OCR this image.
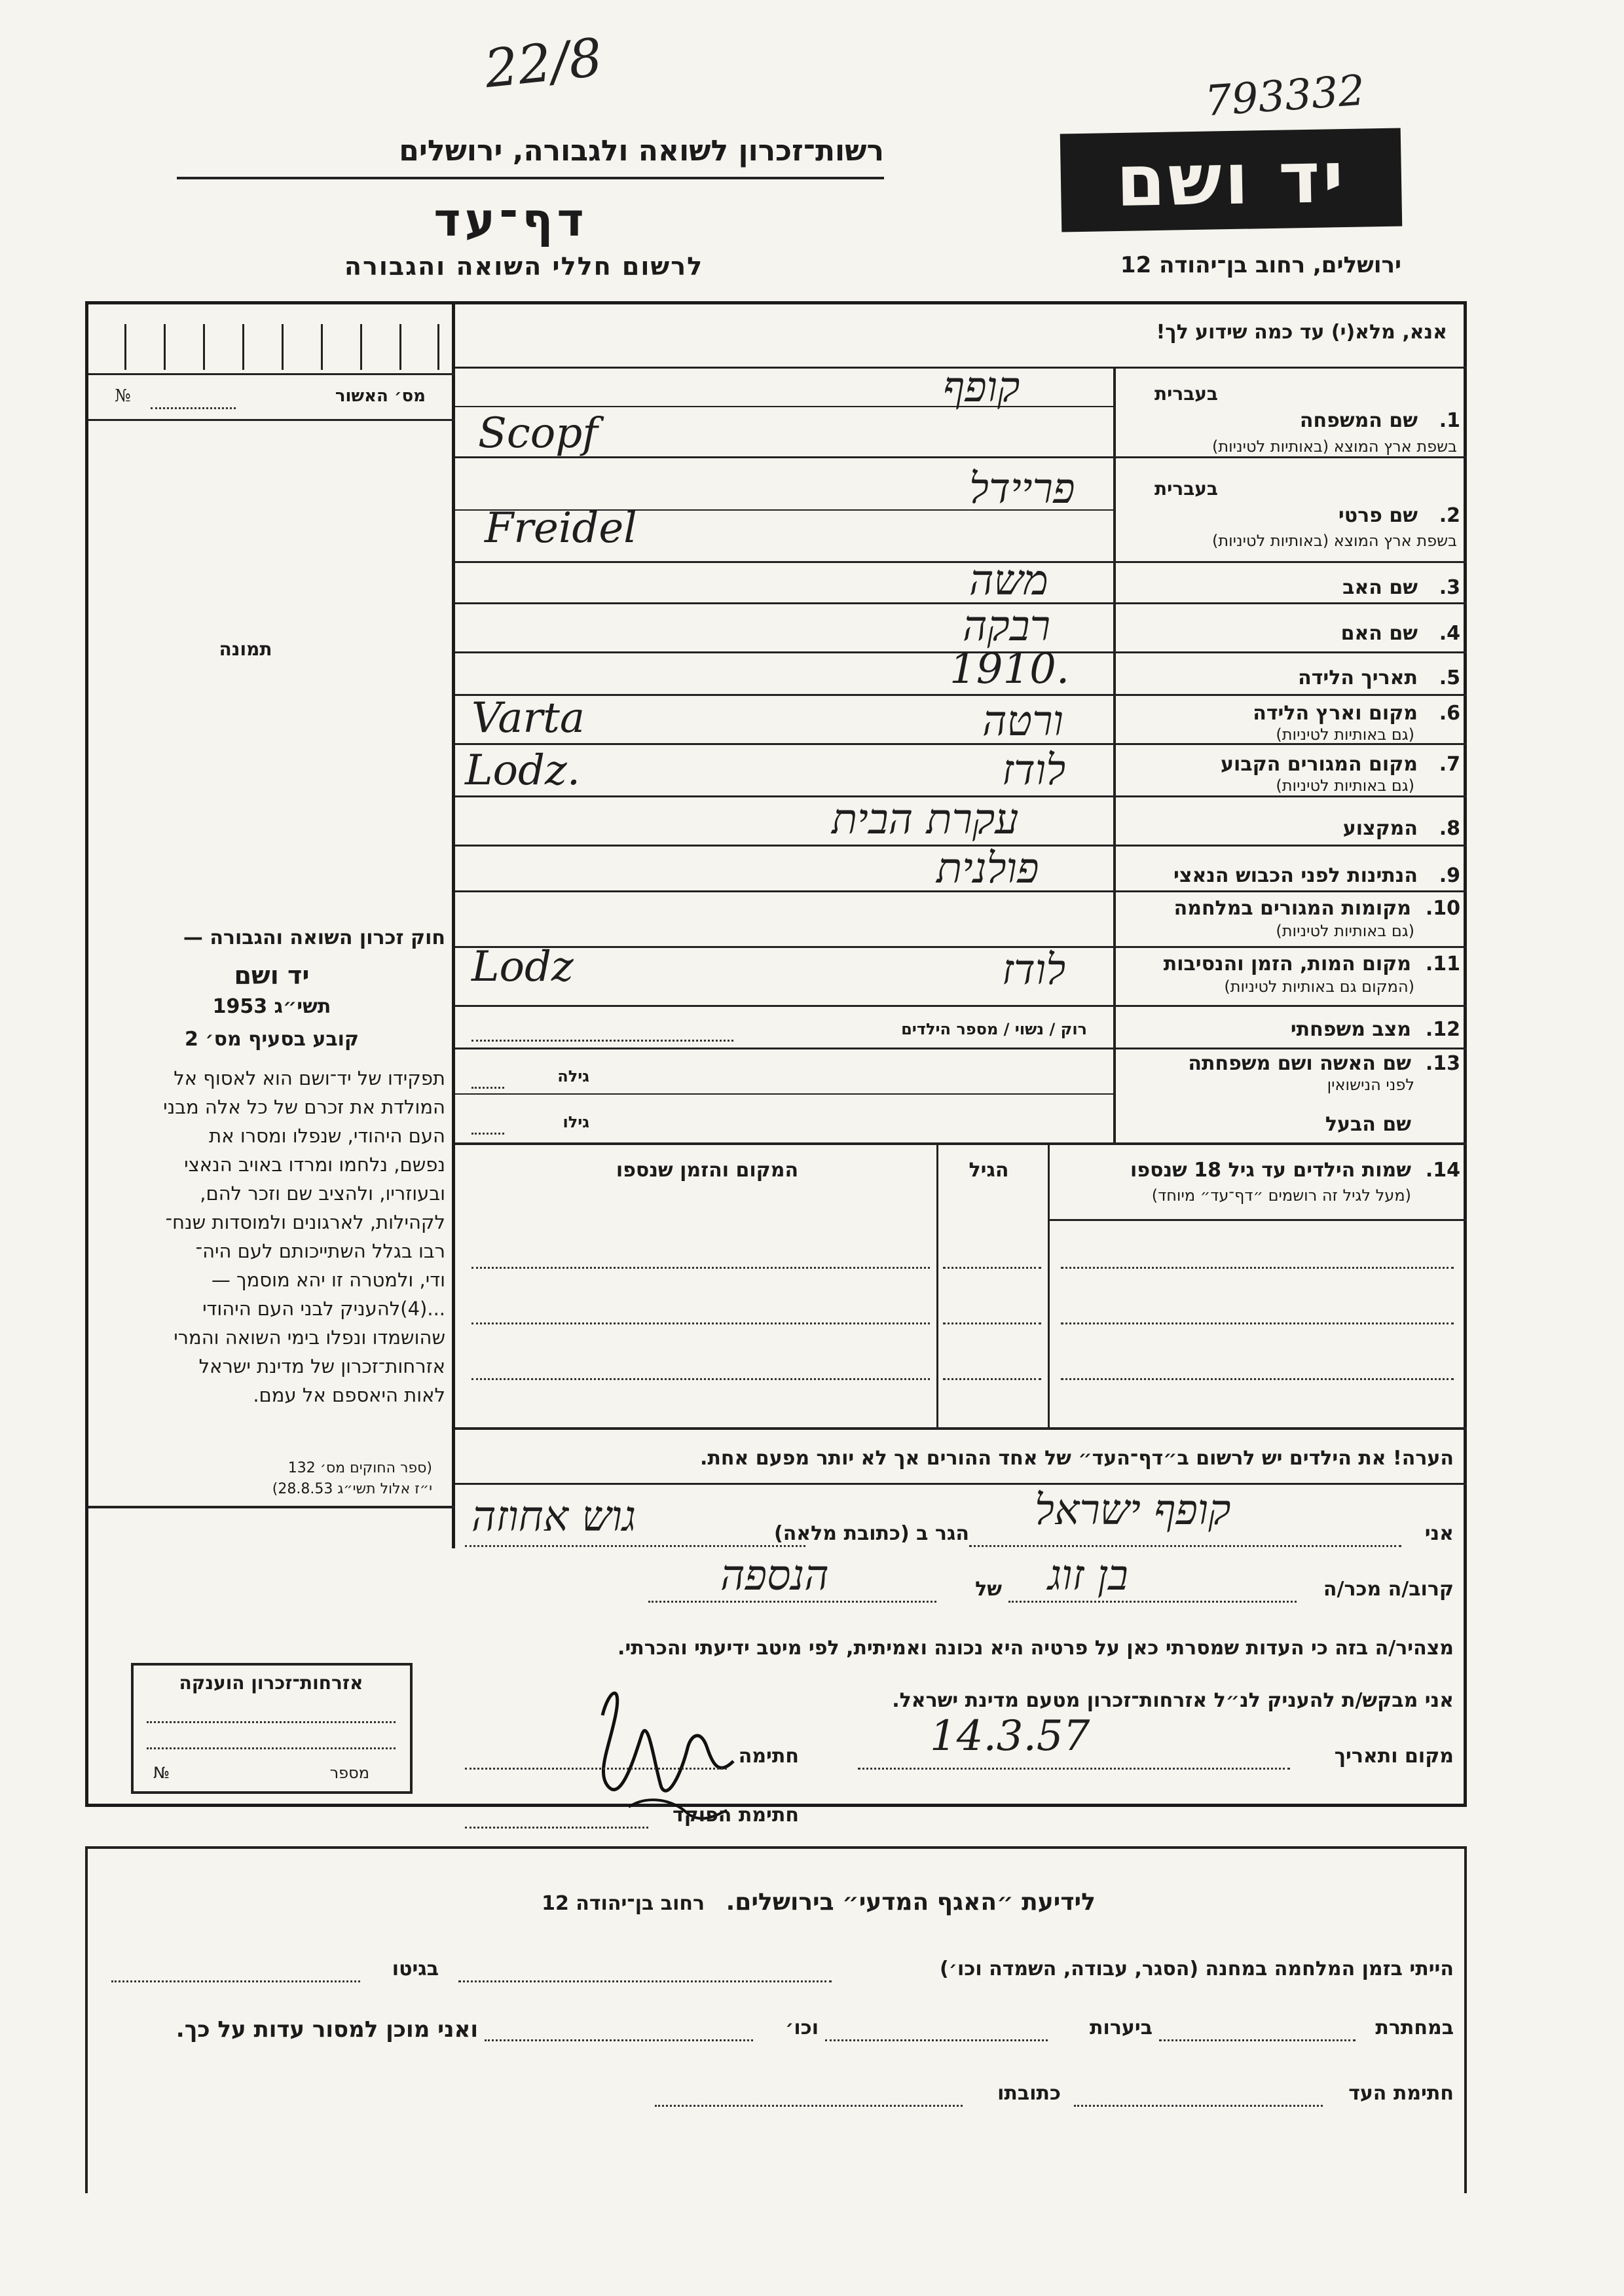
22/8	793332
יד ושם
רשות־זכרון לשואה ולגבורה, ירושלים
דף־עד
לרשום חללי השואה והגבורה	ירושלים, רחוב בן־יהודה 12
אנא, מלא(י) עד כמה שידוע לך!
מס׳ האשור
№
תמונה
1.
שם המשפחה
בעברית
בשפת ארץ המוצא (באותיות לטיניות)
קופף
Scopf
2.
שם פרטי
בעברית
בשפת ארץ המוצא (באותיות לטיניות)
פריידל
Freidel
3.
שם האב
משה
4.
שם האם
רבקה
5.
תאריך הלידה
1910.
6.
מקום וארץ הלידה
(גם באותיות לטיניות)
ורטה
Varta
7.
מקום המגורים הקבוע
(גם באותיות לטיניות)
לודז
Lodz.
8.
המקצוע
עקרת הבית
9.
הנתינות לפני הכבוש הנאצי
פולנית
10.
מקומות המגורים במלחמה
(גם באותיות לטיניות)
11.
מקום המות, הזמן והנסיבות
(המקום גם באותיות לטיניות)
לודז
Lodz
12.
מצב משפחתי
רוק / נשוי / מספר הילדים
13.
שם האשה ושם משפחתה
לפני הנישואין
גילה
שם הבעל
גילו
14.
שמות הילדים עד גיל 18 שנספו
(מעל לגיל זה רושמים ״דף־עד״ מיוחד)
הגיל
המקום והזמן שנספו
חוק זכרון השואה והגבורה —
יד ושם
תשי״ג 1953
קובע בסעיף מס׳ 2
תפקידו של יד־ושם הוא לאסוף אל
המולדת את זכרם של כל אלה מבני
העם היהודי, שנפלו ומסרו את
נפשם, נלחמו ומרדו באויב הנאצי
ובעוזריו, ולהציב שם וזכר להם,
לקהילות, לארגונים ולמוסדות שנח־
רבו בגלל השתייכותם לעם היה־
ודי, ולמטרה זו יהא מוסמך —
...(4)להעניק לבני העם היהודי
שהושמדו ונפלו בימי השואה והמרי
אזרחות־זכרון של מדינת ישראל
לאות היאספם אל עמם.
(ספר החוקים מס׳ 132
י״ז אלול תשי״ג 28.8.53)
הערה! את הילדים יש לרשום ב״דף־העד״ של אחד ההורים אך לא יותר מפעם אחת.
אני
קופף ישראל
הגר ב (כתובת מלאה)
גוש אחוזה
קרוב/ה מכר/ה
בן זוג
של
הנספה
מצהיר/ה בזה כי העדות שמסרתי כאן על פרטיה היא נכונה ואמיתית, לפי מיטב ידיעתי והכרתי.
אני מבקש/ת להעניק לנ״ל אזרחות־זכרון מטעם מדינת ישראל.
מקום ותאריך
14.3.57
חתימה
חתימת הפוקד
אזרחות־זכרון הוענקה
מספר
№
לידיעת ״האגף המדעי״ בירושלים. רחוב בן־יהודה 12
הייתי בזמן המלחמה במחנה (הסגר, עבודה, השמדה וכו׳)
בגיטו
במחתרת
ביערות
וכו׳
ואני מוכן למסור עדות על כך.
חתימת העד
כתובתו
